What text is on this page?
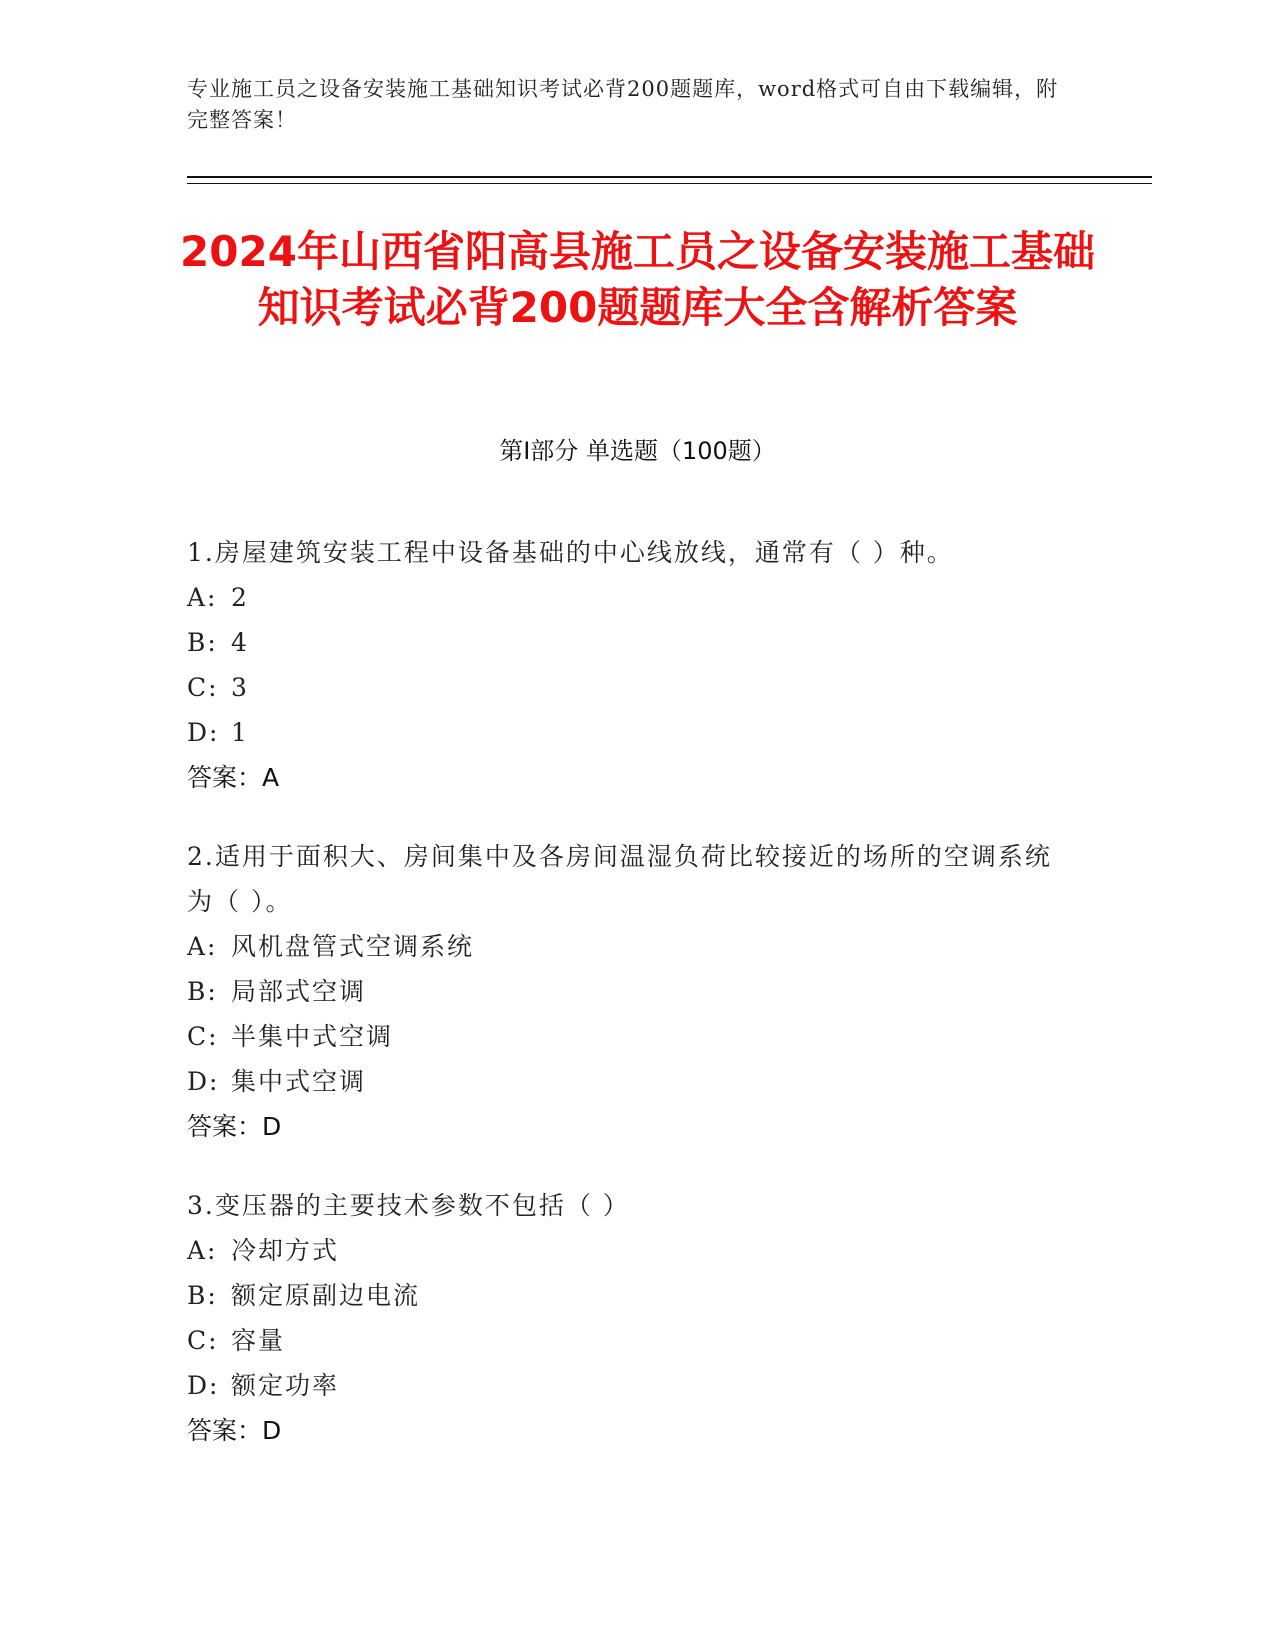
专业施工员之设备安装施工基础知识考试必背200题题库，word格式可自由下载编辑，附完整答案！
2024年山西省阳高县施工员之设备安装施工基础知识考试必背200题题库大全含解析答案
第I部分 单选题（100题）
1.房屋建筑安装工程中设备基础的中心线放线，通常有（ ）种。
A: 2
B: 4
C: 3
D: 1
答案：A
2.适用于面积大、房间集中及各房间温湿负荷比较接近的场所的空调系统为（ ）。
A: 风机盘管式空调系统
B: 局部式空调
C: 半集中式空调
D: 集中式空调
答案：D
3.变压器的主要技术参数不包括（ ）
A: 冷却方式
B: 额定原副边电流
C: 容量
D: 额定功率
答案：D
